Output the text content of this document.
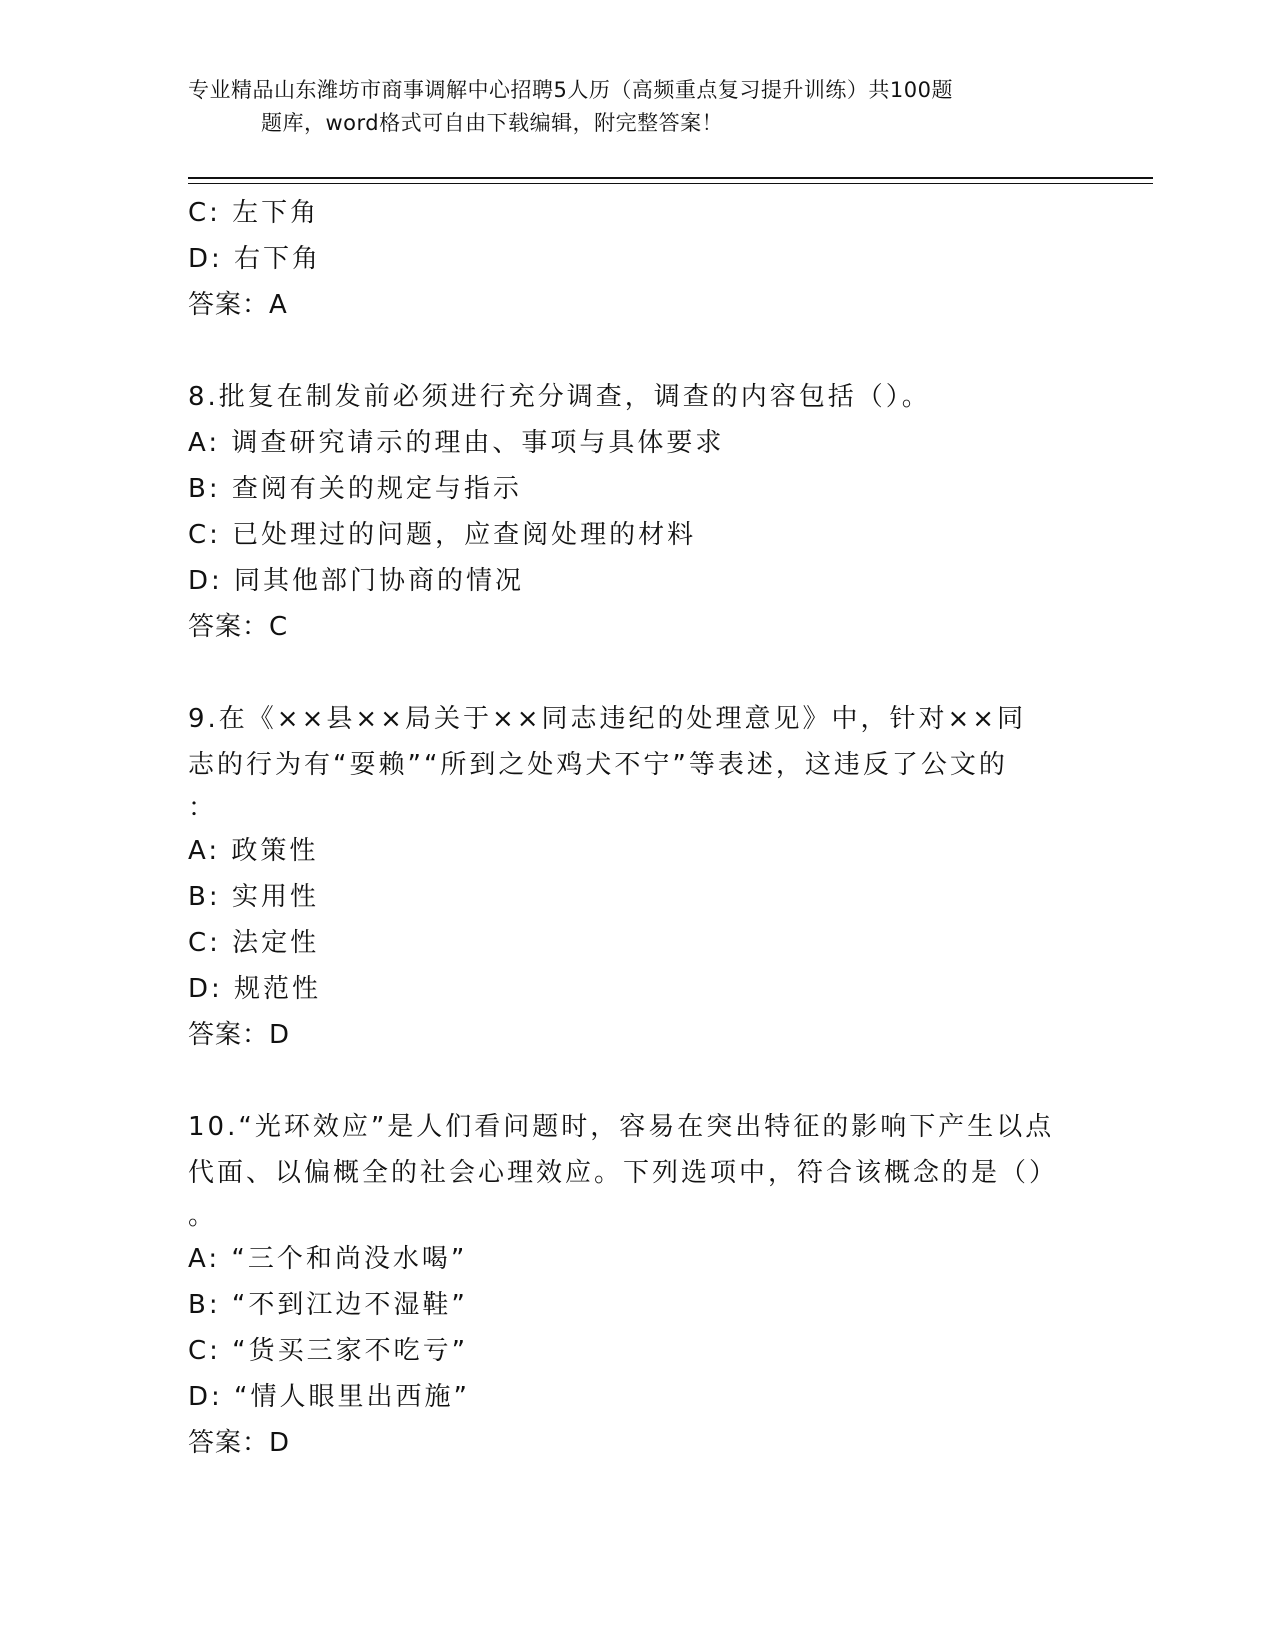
专业精品山东潍坊市商事调解中心招聘5人历（高频重点复习提升训练）共100题
题库，word格式可自由下载编辑，附完整答案！
C: 左下角
D: 右下角
答案：A
8.批复在制发前必须进行充分调查，调查的内容包括（）。
A: 调查研究请示的理由、事项与具体要求
B: 查阅有关的规定与指示
C: 已处理过的问题，应查阅处理的材料
D: 同其他部门协商的情况
答案：C
9.在《××县××局关于××同志违纪的处理意见》中，针对××同
志的行为有“耍赖”“所到之处鸡犬不宁”等表述，这违反了公文的
：
A: 政策性
B: 实用性
C: 法定性
D: 规范性
答案：D
10.“光环效应”是人们看问题时，容易在突出特征的影响下产生以点
代面、以偏概全的社会心理效应。下列选项中，符合该概念的是（）
。
A: “三个和尚没水喝”
B: “不到江边不湿鞋”
C: “货买三家不吃亏”
D: “情人眼里出西施”
答案：D
